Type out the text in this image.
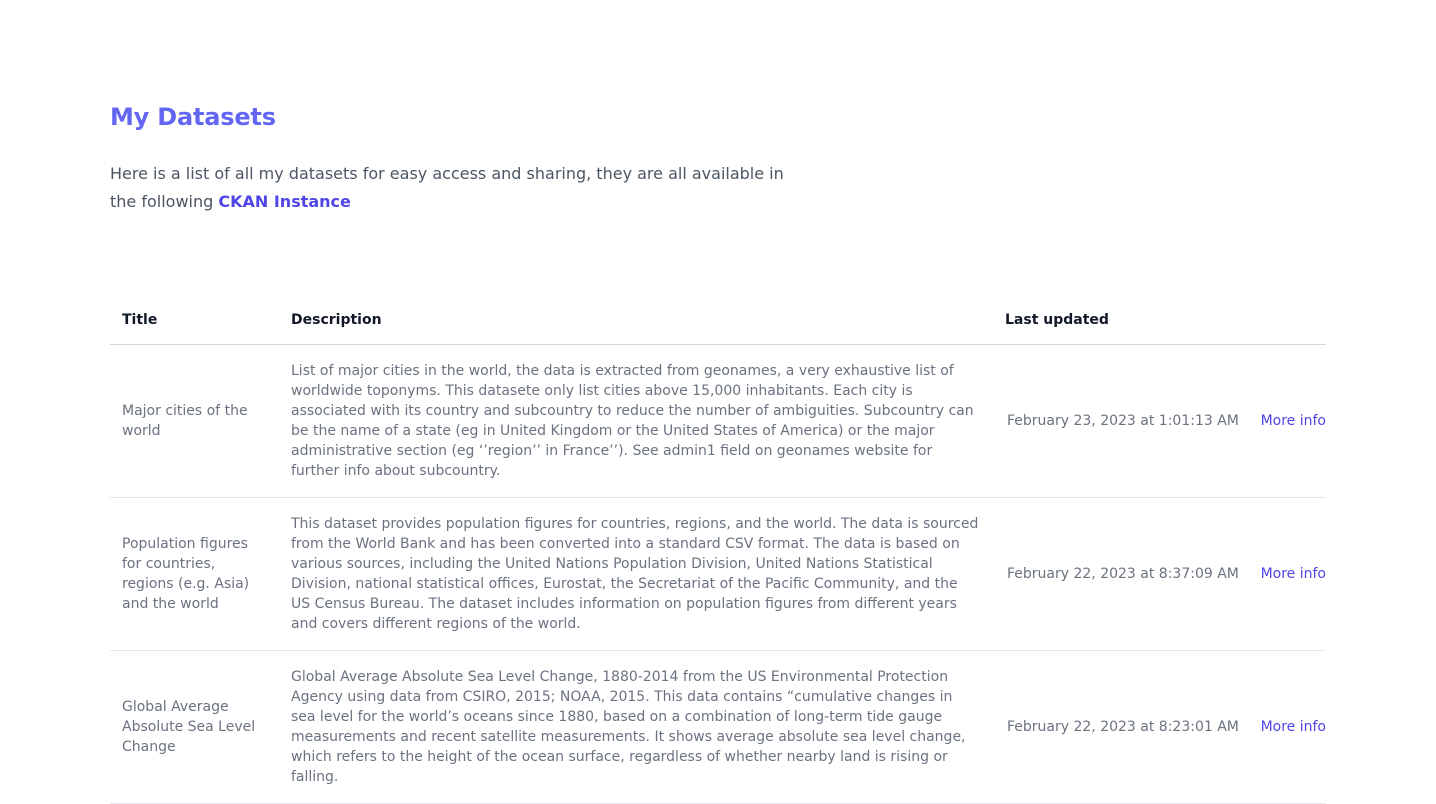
My Datasets

Here is a list of all my datasets for easy access and sharing, they are all available in the following CKAN Instance

Title	Description	Last updated	
Major cities of the world	List of major cities in the world, the data is extracted from geonames, a very exhaustive list of worldwide toponyms. This datasete only list cities above 15,000 inhabitants. Each city is associated with its country and subcountry to reduce the number of ambiguities. Subcountry can be the name of a state (eg in United Kingdom or the United States of America) or the major administrative section (eg ‘’region’’ in France’’). See admin1 field on geonames website for further info about subcountry.	February 23, 2023 at 1:01:13 AM	More info
Population figures for countries, regions (e.g. Asia) and the world	This dataset provides population figures for countries, regions, and the world. The data is sourced from the World Bank and has been converted into a standard CSV format. The data is based on various sources, including the United Nations Population Division, United Nations Statistical Division, national statistical offices, Eurostat, the Secretariat of the Pacific Community, and the US Census Bureau. The dataset includes information on population figures from different years and covers different regions of the world.	February 22, 2023 at 8:37:09 AM	More info
Global Average Absolute Sea Level Change	Global Average Absolute Sea Level Change, 1880-2014 from the US Environmental Protection Agency using data from CSIRO, 2015; NOAA, 2015. This data contains “cumulative changes in sea level for the world’s oceans since 1880, based on a combination of long-term tide gauge measurements and recent satellite measurements. It shows average absolute sea level change, which refers to the height of the ocean surface, regardless of whether nearby land is rising or falling.	February 22, 2023 at 8:23:01 AM	More info
